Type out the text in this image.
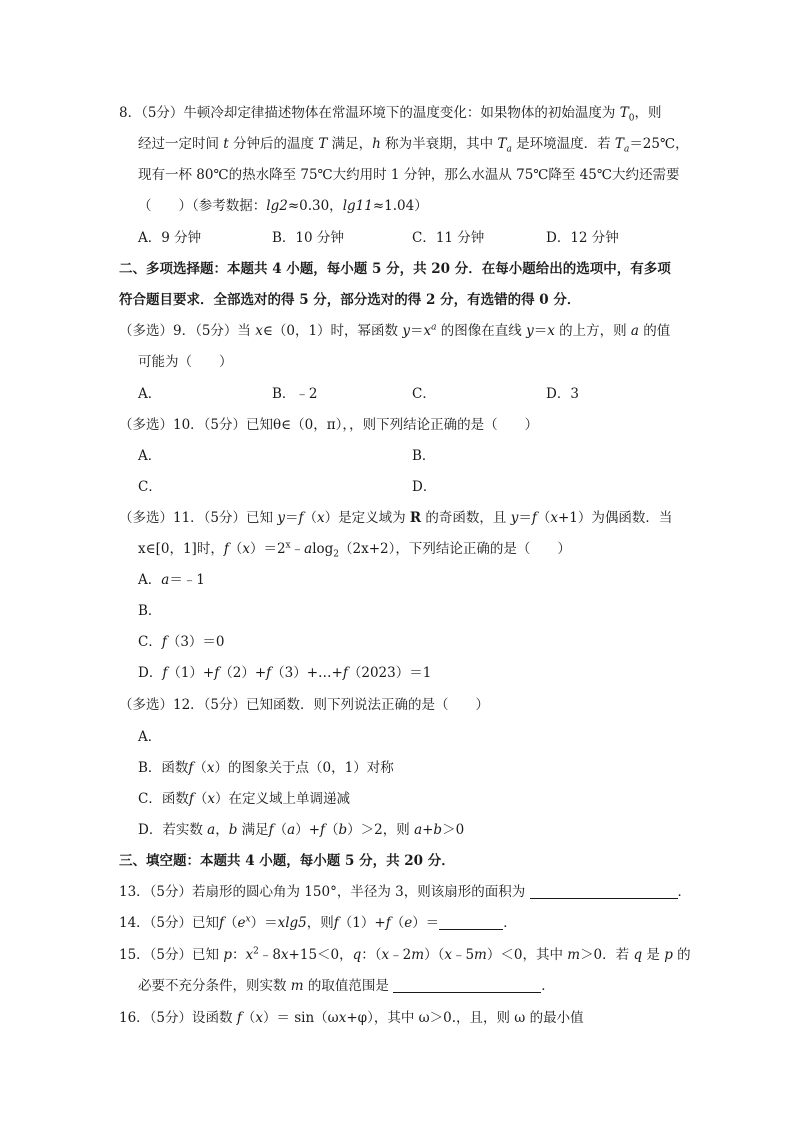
8．（5分）牛顿冷却定律描述物体在常温环境下的温度变化：如果物体的初始温度为 $T_0$，则
经过一定时间 t 分钟后的温度 T 满足，h 称为半衰期，其中 $T_a$ 是环境温度．若 $T_a=25℃$，
现有一杯 80℃的热水降至 75℃大约用时 1 分钟，那么水温从 75℃降至 45℃大约还需要
（　　）（参考数据：lg2≈0.30，lg11≈1.04）
A．9 分钟	B．10 分钟	C．11 分钟	D．12 分钟
二、多项选择题：本题共 4 小题，每小题 5 分，共 20 分．在每小题给出的选项中，有多项
符合题目要求．全部选对的得 5 分，部分选对的得 2 分，有选错的得 0 分．
（多选）9．（5分）当 x∈（0，1）时，幂函数 $y=x^a$ 的图像在直线 y＝x 的上方，则 a 的值
可能为（　　）
A．	B．﹣2	C．	D．3
（多选）10．（5分）已知θ∈（0，π），，则下列结论正确的是（　　）
A．	B．
C．	D．
（多选）11．（5分）已知 y＝f（x）是定义域为 R 的奇函数，且 y＝f（x+1）为偶函数．当
x∈[0，1]时，$f(x)=2^x﹣alog_2(2x+2)$，下列结论正确的是（　　）
A．a＝﹣1
B．
C．f（3）＝0
D．f（1）+f（2）+f（3）+…+f（2023）＝1
（多选）12．（5分）已知函数．则下列说法正确的是（　　）
A．
B．函数f（x）的图象关于点（0，1）对称
C．函数f（x）在定义域上单调递减
D．若实数 a，b 满足f（a）+f（b）＞2，则 a+b＞0
三、填空题：本题共 4 小题，每小题 5 分，共 20 分．
13．（5分）若扇形的圆心角为 150°，半径为 3，则该扇形的面积为	．
14．（5分）已知$f(e^x)=xlg5$，则f（1）+f（e）＝	．
15．（5分）已知 p：$x^2﹣8x+15<0$，q：（x﹣2m）（x﹣5m）＜0，其中 m＞0．若 q 是 p 的
必要不充分条件，则实数 m 的取值范围是	．
16．（5分）设函数 f（x）＝ sin（ωx+φ），其中 ω＞0.，且，则 ω 的最小值
